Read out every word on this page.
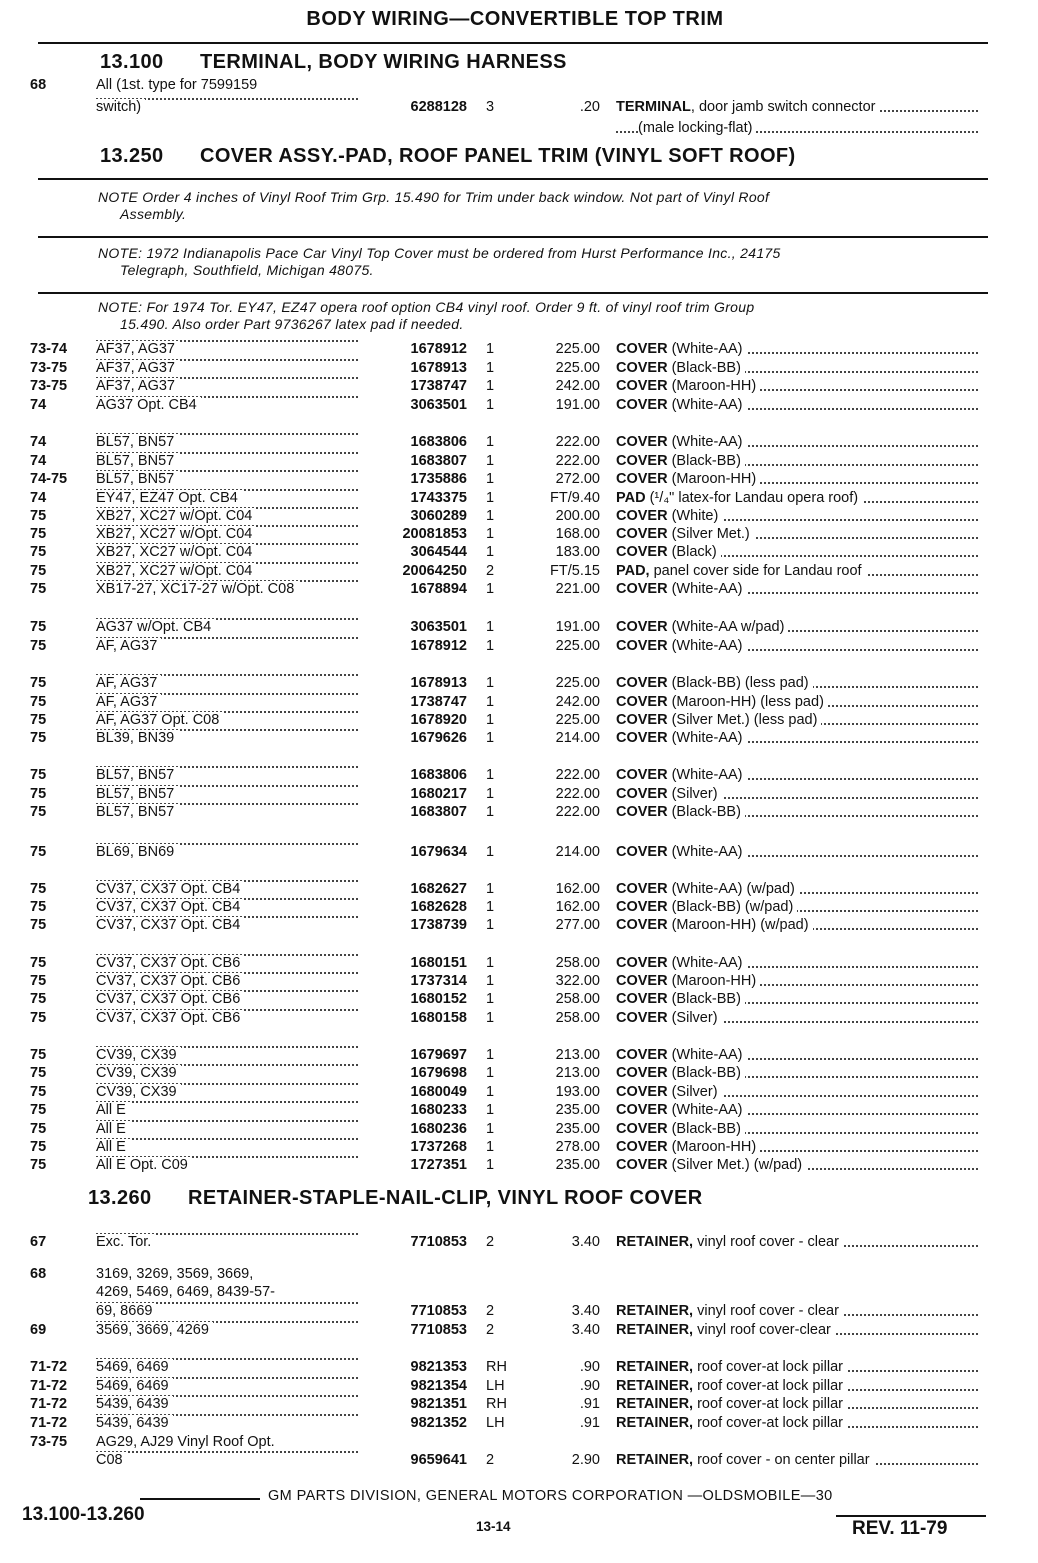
BODY WIRING—CONVERTIBLE TOP TRIM
13.100 TERMINAL, BODY WIRING HARNESS
13.250 COVER ASSY.-PAD, ROOF PANEL TRIM (VINYL SOFT ROOF)
NOTE Order 4 inches of Vinyl Roof Trim Grp. 15.490 for Trim under back window. Not part of Vinyl Roof
Assembly.
NOTE: 1972 Indianapolis Pace Car Vinyl Top Cover must be ordered from Hurst Performance Inc., 24175
Telegraph, Southfield, Michigan 48075.
NOTE: For 1974 Tor. EY47, EZ47 opera roof option CB4 vinyl roof. Order 9 ft. of vinyl roof trim Group
15.490. Also order Part 9736267 latex pad if needed.
13.260 RETAINER-STAPLE-NAIL-CLIP, VINYL ROOF COVER
68	All (1st. type for 7599159
switch)	6288128	3	.20 TERMINAL, door jamb switch connector
(male locking-flat)
73-74	AF37, AG37	1678912	1	225.00 COVER (White-AA)
73-75	AF37, AG37	1678913	1	225.00 COVER (Black-BB)
73-75	AF37, AG37	1738747	1	242.00 COVER (Maroon-HH)
74	AG37 Opt. CB4	3063501	1	191.00 COVER (White-AA)
74	BL57, BN57	1683806	1	222.00 COVER (White-AA)
74	BL57, BN57	1683807	1	222.00 COVER (Black-BB)
74-75	BL57, BN57	1735886	1	272.00 COVER (Maroon-HH)
74	EY47, EZ47 Opt. CB4	1743375	1	FT/9.40 PAD (¹/₄" latex-for Landau opera roof)
75	XB27, XC27 w/Opt. C04	3060289	1	200.00 COVER (White)
75	XB27, XC27 w/Opt. C04	20081853	1	168.00 COVER (Silver Met.)
75	XB27, XC27 w/Opt. C04	3064544	1	183.00 COVER (Black)
75	XB27, XC27 w/Opt. C04	20064250	2	FT/5.15 PAD, panel cover side for Landau roof
75	XB17-27, XC17-27 w/Opt. C08	1678894	1	221.00 COVER (White-AA)
75	AG37 w/Opt. CB4	3063501	1	191.00 COVER (White-AA w/pad)
75	AF, AG37	1678912	1	225.00 COVER (White-AA)
75	AF, AG37	1678913	1	225.00 COVER (Black-BB) (less pad)
75	AF, AG37	1738747	1	242.00 COVER (Maroon-HH) (less pad)
75	AF, AG37 Opt. C08	1678920	1	225.00 COVER (Silver Met.) (less pad)
75	BL39, BN39	1679626	1	214.00 COVER (White-AA)
75	BL57, BN57	1683806	1	222.00 COVER (White-AA)
75	BL57, BN57	1680217	1	222.00 COVER (Silver)
75	BL57, BN57	1683807	1	222.00 COVER (Black-BB)
75	BL69, BN69	1679634	1	214.00 COVER (White-AA)
75	CV37, CX37 Opt. CB4	1682627	1	162.00 COVER (White-AA) (w/pad)
75	CV37, CX37 Opt. CB4	1682628	1	162.00 COVER (Black-BB) (w/pad)
75	CV37, CX37 Opt. CB4	1738739	1	277.00 COVER (Maroon-HH) (w/pad)
75	CV37, CX37 Opt. CB6	1680151	1	258.00 COVER (White-AA)
75	CV37, CX37 Opt. CB6	1737314	1	322.00 COVER (Maroon-HH)
75	CV37, CX37 Opt. CB6	1680152	1	258.00 COVER (Black-BB)
75	CV37, CX37 Opt. CB6	1680158	1	258.00 COVER (Silver)
75	CV39, CX39	1679697	1	213.00 COVER (White-AA)
75	CV39, CX39	1679698	1	213.00 COVER (Black-BB)
75	CV39, CX39	1680049	1	193.00 COVER (Silver)
75	All E	1680233	1	235.00 COVER (White-AA)
75	All E	1680236	1	235.00 COVER (Black-BB)
75	All E	1737268	1	278.00 COVER (Maroon-HH)
75	All E Opt. C09	1727351	1	235.00 COVER (Silver Met.) (w/pad)
67	Exc. Tor.	7710853	2	3.40 RETAINER, vinyl roof cover - clear
68	3169, 3269, 3569, 3669,
4269, 5469, 6469, 8439-57-
69, 8669	7710853	2	3.40 RETAINER, vinyl roof cover - clear
69	3569, 3669, 4269	7710853	2	3.40 RETAINER, vinyl roof cover-clear
71-72	5469, 6469	9821353	RH	.90 RETAINER, roof cover-at lock pillar
71-72	5469, 6469	9821354	LH	.90 RETAINER, roof cover-at lock pillar
71-72	5439, 6439	9821351	RH	.91 RETAINER, roof cover-at lock pillar
71-72	5439, 6439	9821352	LH	.91 RETAINER, roof cover-at lock pillar
73-75	AG29, AJ29 Vinyl Roof Opt.
C08	9659641	2	2.90 RETAINER, roof cover - on center pillar
GM PARTS DIVISION, GENERAL MOTORS CORPORATION —OLDSMOBILE—30
13.100-13.260
13-14	REV. 11-79
